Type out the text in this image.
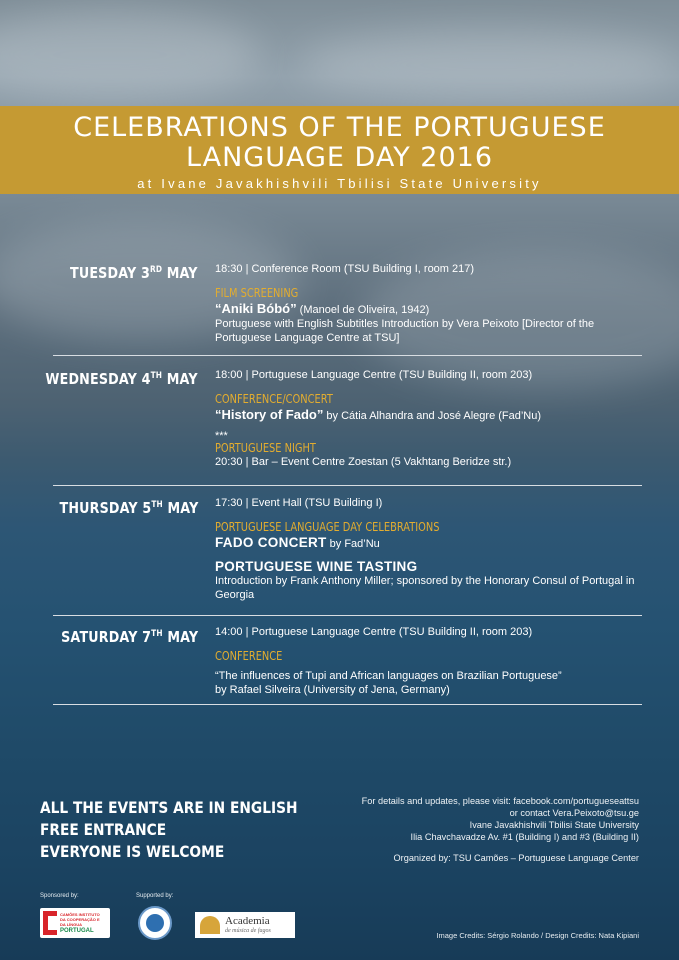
CELEBRATIONS OF THE PORTUGUESE
LANGUAGE DAY 2016
at Ivane Javakhishvili Tbilisi State University
TUESDAY 3RD MAY 18:30 | Conference Room (TSU Building I, room 217)
FILM SCREENING
“Aniki Bóbó” (Manoel de Oliveira, 1942)
Portuguese with English Subtitles Introduction by Vera Peixoto [Director of the Portuguese Language Centre at TSU]
WEDNESDAY 4TH MAY 18:00 | Portuguese Language Centre (TSU Building II, room 203)
CONFERENCE/CONCERT
“History of Fado” by Cátia Alhandra and José Alegre (Fad’Nu)
***
PORTUGUESE NIGHT
20:30 | Bar – Event Centre Zoestan (5 Vakhtang Beridze str.)
THURSDAY 5TH MAY 17:30 | Event Hall (TSU Building I)
PORTUGUESE LANGUAGE DAY CELEBRATIONS
FADO CONCERT by Fad’Nu
PORTUGUESE WINE TASTING
Introduction by Frank Anthony Miller; sponsored by the Honorary Consul of Portugal in Georgia
SATURDAY 7TH MAY 14:00 | Portuguese Language Centre (TSU Building II, room 203)
CONFERENCE
“The influences of Tupi and African languages on Brazilian Portuguese”
by Rafael Silveira (University of Jena, Germany)
ALL THE EVENTS ARE IN ENGLISH
FREE ENTRANCE
EVERYONE IS WELCOME
For details and updates, please visit: facebook.com/portugueseattsu
or contact Vera.Peixoto@tsu.ge
Ivane Javakhishvili Tbilisi State University
Ilia Chavchavadze Av. #1 (Building I) and #3 (Building II)
Organized by: TSU Camões – Portuguese Language Center
Sponsored by:	Supported by:
CAMÕES INSTITUTO DA COOPERAÇÃO E DA LÍNGUA
PORTUGAL
Academia
de música de fagos	Image Credits: Sérgio Rolando / Design Credits: Nata Kipiani
